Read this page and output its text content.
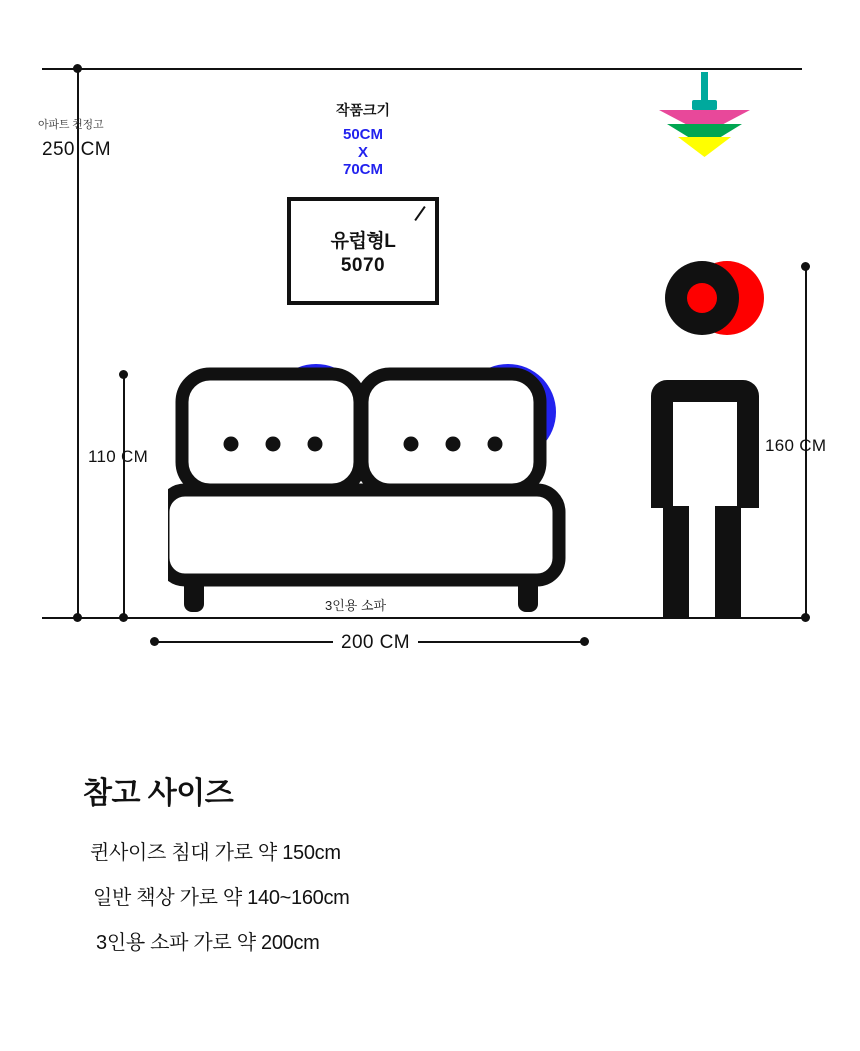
아파트 천정고
250 CM
작품크기
50CM
X
70CM
유럽형L
5070
3인용 소파
110 CM
160 CM
200 CM
참고 사이즈
퀸사이즈 침대 가로 약 150cm
일반 책상 가로 약 140~160cm
3인용 소파 가로 약 200cm
